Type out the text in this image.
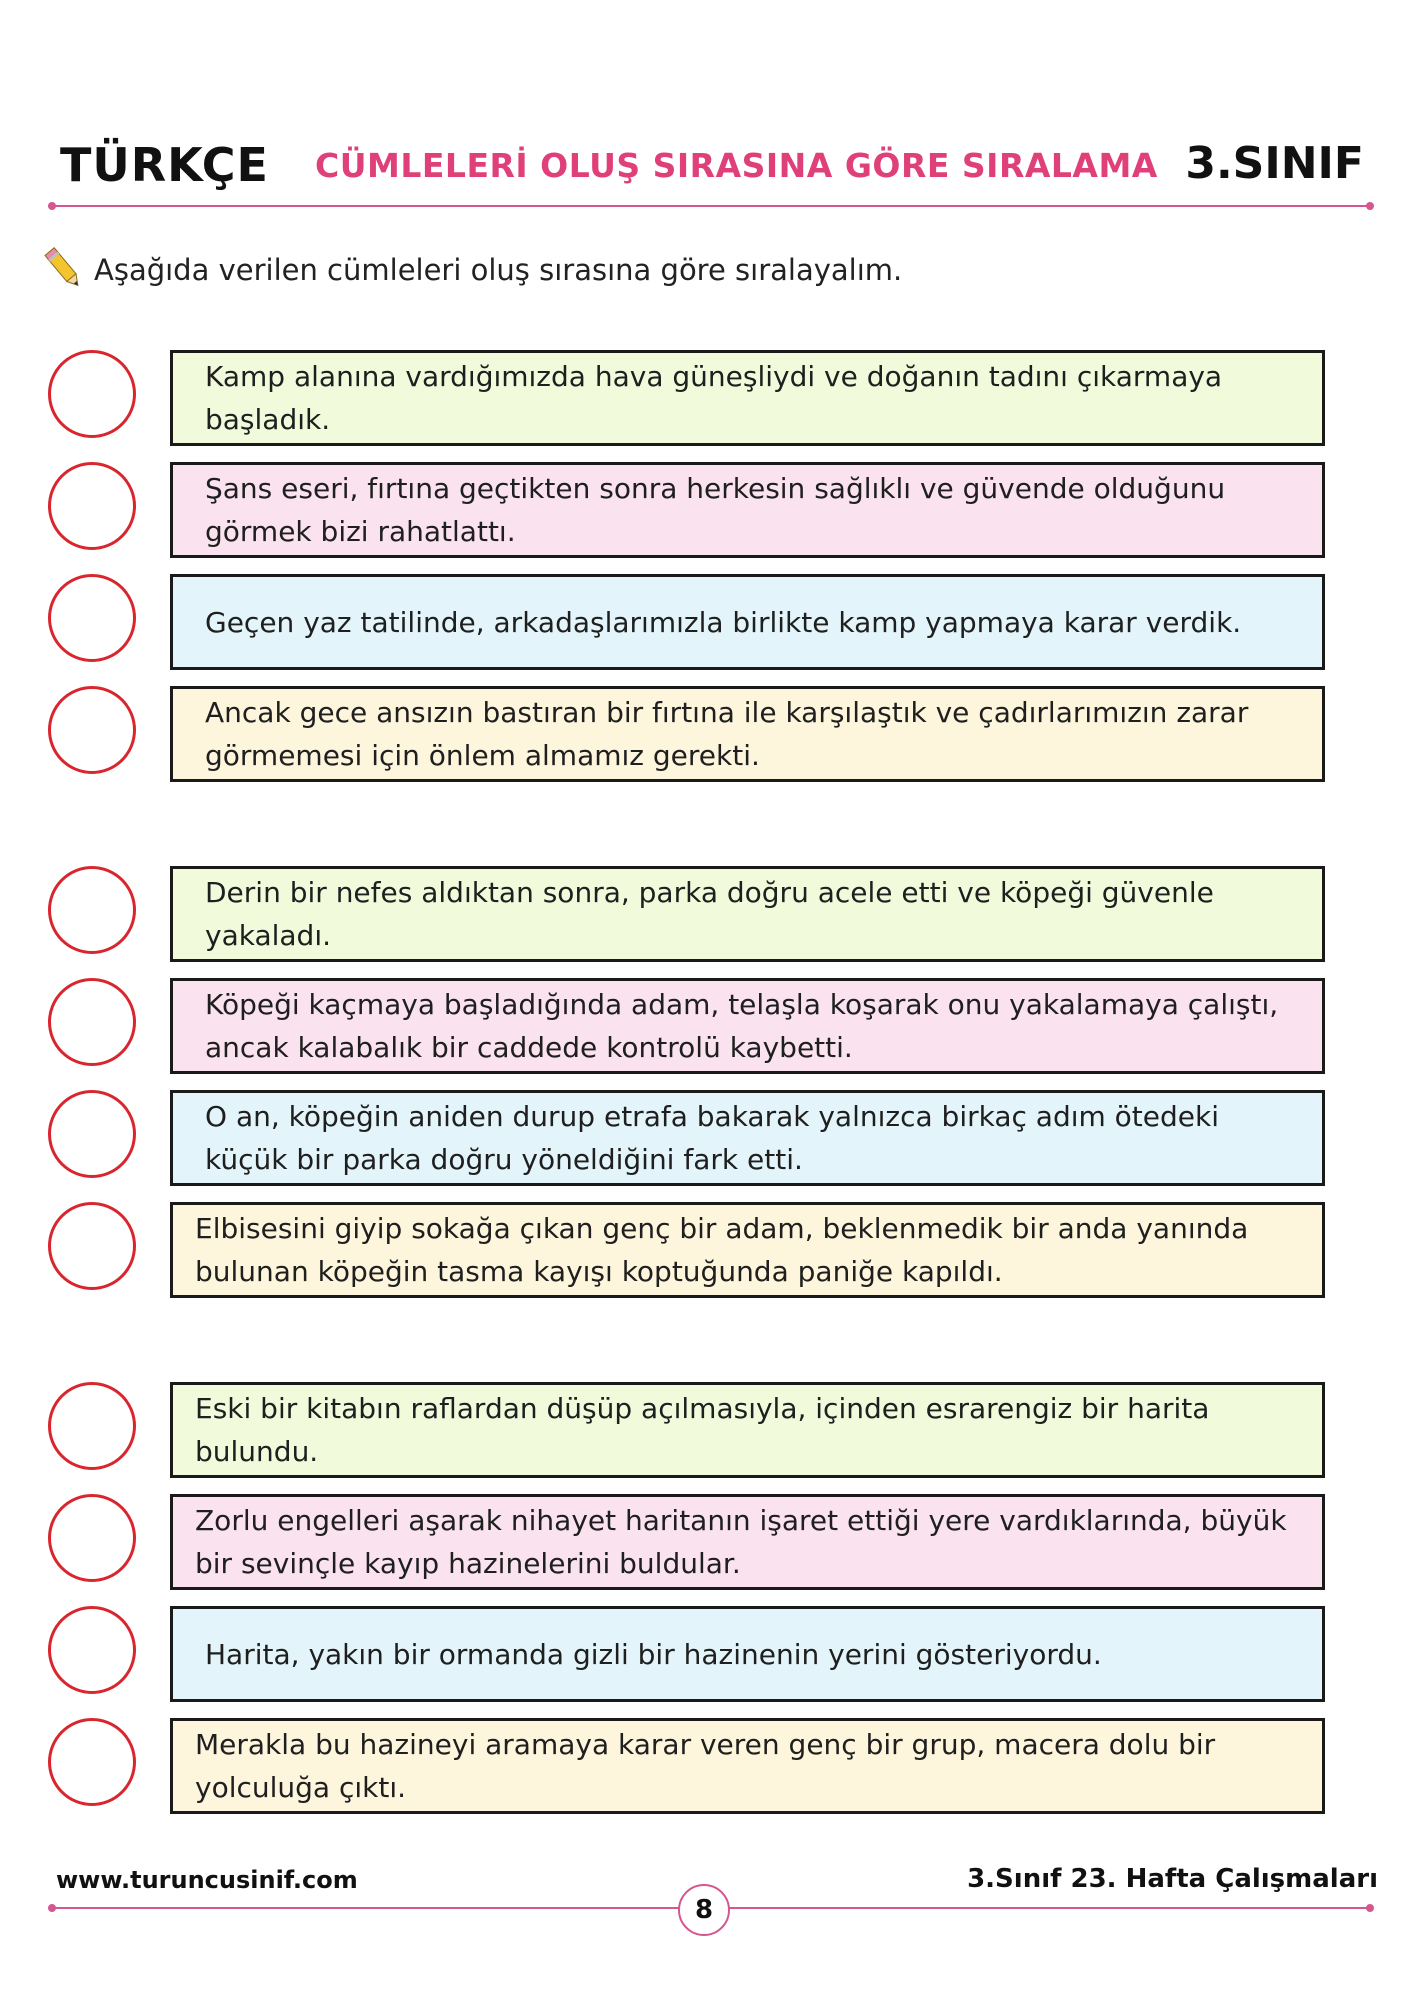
TÜRKÇE CÜMLELERİ OLUŞ SIRASINA GÖRE SIRALAMA 3.SINIF
Aşağıda verilen cümleleri oluş sırasına göre sıralayalım.
Kamp alanına vardığımızda hava güneşliydi ve doğanın tadını çıkarmaya başladık.
Şans eseri, fırtına geçtikten sonra herkesin sağlıklı ve güvende olduğunu görmek bizi rahatlattı.
Geçen yaz tatilinde, arkadaşlarımızla birlikte kamp yapmaya karar verdik.
Ancak gece ansızın bastıran bir fırtına ile karşılaştık ve çadırlarımızın zarar görmemesi için önlem almamız gerekti.
Derin bir nefes aldıktan sonra, parka doğru acele etti ve köpeği güvenle yakaladı.
Köpeği kaçmaya başladığında adam, telaşla koşarak onu yakalamaya çalıştı, ancak kalabalık bir caddede kontrolü kaybetti.
O an, köpeğin aniden durup etrafa bakarak yalnızca birkaç adım ötedeki küçük bir parka doğru yöneldiğini fark etti.
Elbisesini giyip sokağa çıkan genç bir adam, beklenmedik bir anda yanında bulunan köpeğin tasma kayışı koptuğunda paniğe kapıldı.
Eski bir kitabın raflardan düşüp açılmasıyla, içinden esrarengiz bir harita bulundu.
Zorlu engelleri aşarak nihayet haritanın işaret ettiği yere vardıklarında, büyük bir sevinçle kayıp hazinelerini buldular.
Harita, yakın bir ormanda gizli bir hazinenin yerini gösteriyordu.
Merakla bu hazineyi aramaya karar veren genç bir grup, macera dolu bir yolculuğa çıktı.
www.turuncusinif.com	3.Sınıf 23. Hafta Çalışmaları
8
